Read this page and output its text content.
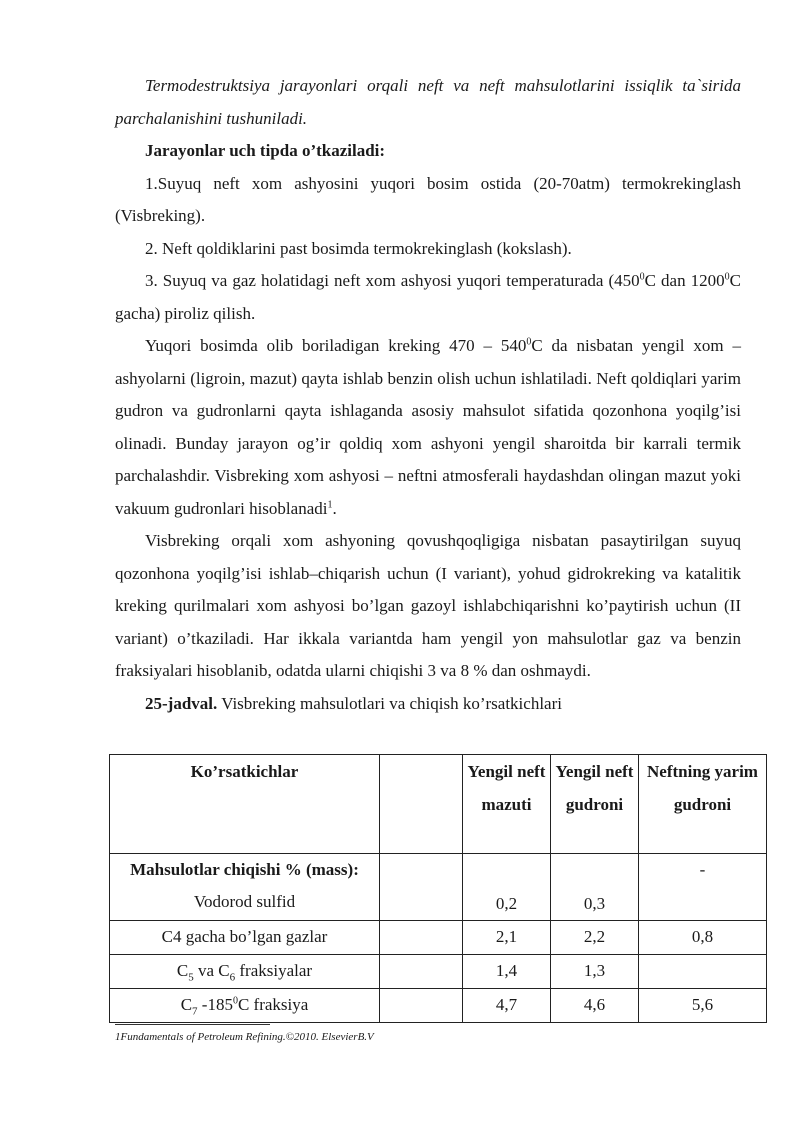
Termodestruktsiya jarayonlari orqali neft va neft mahsulotlarini issiqlik ta`sirida parchalanishini tushuniladi.

Jarayonlar uch tipda o’tkaziladi:

1.Suyuq neft xom ashyosini yuqori bosim ostida (20-70atm) termokrekinglash (Visbreking).

2. Neft qoldiklarini past bosimda termokrekinglash (kokslash).

3. Suyuq va gaz holatidagi neft xom ashyosi yuqori temperaturada ($450^0C$ dan 1200$^0$C gacha) piroliz qilish.

Yuqori bosimda olib boriladigan kreking $470 - 540^0C$ da nisbatan yengil xom – ashyolarni (ligroin, mazut) qayta ishlab benzin olish uchun ishlatiladi. Neft qoldiqlari yarim gudron va gudronlarni qayta ishlaganda asosiy mahsulot sifatida qozonhona yoqilg’isi olinadi. Bunday jarayon og’ir qoldiq xom ashyoni yengil sharoitda bir karrali termik parchalashdir. Visbreking xom ashyosi – neftni atmosferali haydashdan olingan mazut yoki vakuum gudronlari hisoblanadi$^1$.

Visbreking orqali xom ashyoning qovushqoqligiga nisbatan pasaytirilgan suyuq qozonhona yoqilg’isi ishlab–chiqarish uchun (I variant), yohud gidrokreking va katalitik kreking qurilmalari xom ashyosi bo’lgan gazoyl ishlabchiqarishni ko’paytirish uchun (II variant) o’tkaziladi. Har ikkala variantda ham yengil yon mahsulotlar gaz va benzin fraksiyalari hisoblanib, odatda ularni chiqishi 3 va 8 % dan oshmaydi.

25-jadval. Visbreking mahsulotlari va chiqish ko’rsatkichlari

Ko’rsatkichlar		Yengil neft mazuti	Yengil neft gudroni	Neftning yarim gudroni

Mahsulotlar chiqishi % (mass):
Vodorod sulfid		0,2	0,3	-
C4 gacha bo’lgan gazlar		2,1	2,2	0,8
$C_5$ va $C_6$ fraksiyalar		1,4	1,3	
$C_7$ $-185^0C$ fraksiya		4,7	4,6	5,6
1Fundamentals of Petroleum Refining.©2010. ElsevierB.V
